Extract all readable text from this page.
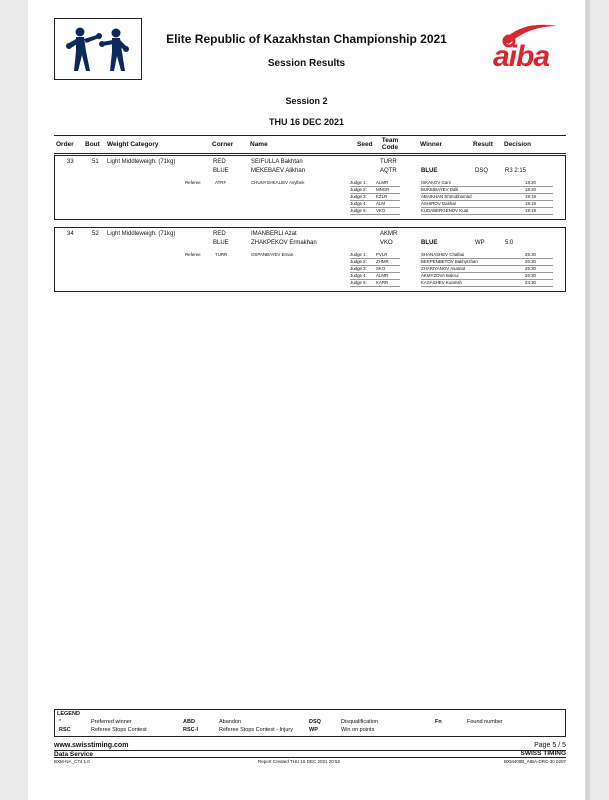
Elite Republic of Kazakhstan Championship 2021
Session Results	aiba
Session 2
THU 16 DEC 2021
Order Bout Weight Category	Corner	Name	Seed
Team Code	Winner	Result Decision
33	51 Light Middleweigh. (71kg)	RED	SEIFULLA Bakhtan	TURR
BLUE	MEKEBAEV Alikhan	AQTR	BLUE	DSQ	R3 2:15
Referee	ATRF	CHUNYSHKALIEV Asylbek	Judge 1: ALMR	ISKAKOV Gani	18:20
Judge 2: MNGR	BUKEIBAYEV Dalil	18:20
Judge 3: KZLR	ABAIKHAN Shmukhamad	19:19
Judge 4: ALM	ASHIROV Dakhar	19:19
Judge 5: VKO	KUDABERGENOV Kuat	19:19
34	52 Light Middleweigh. (71kg)	RED	IMANBERLI Azat	AKMR
BLUE	ZHAKPEKOV Ermakhan	VKO	BLUE	WP	5:0
Referee	TURR	OSPANBAYEV Ernan	Judge 1: PVLR	SHANASHEV Chalbai	25:30
Judge 2: ZHMR	BEKPENBETOV Bakhytzhan	26:30
Judge 3: SKO	ZHARIYANOV Asamat	25:30
Judge 4: ALMR	AKMYZOVA Bakrui	26:30
Judge 5: KARR	KASASHEV Kuamsh	24:30
LEGEND
*	Preferred winner	ABD	Abandon	DSQ	Disqualification	Fn	Found number
RSC	Referee Stops Contest	RSC-I	Referee Stops Contest - Injury	WP	Win on points
www.swisstiming.com	Page 5 / 5
Data Service	SWISS TIMING
BXM-NA_C74 1.0	Report Created THU 16 DEC 2021 20:52	BXM400B_AIBA-DRC-30 0207
